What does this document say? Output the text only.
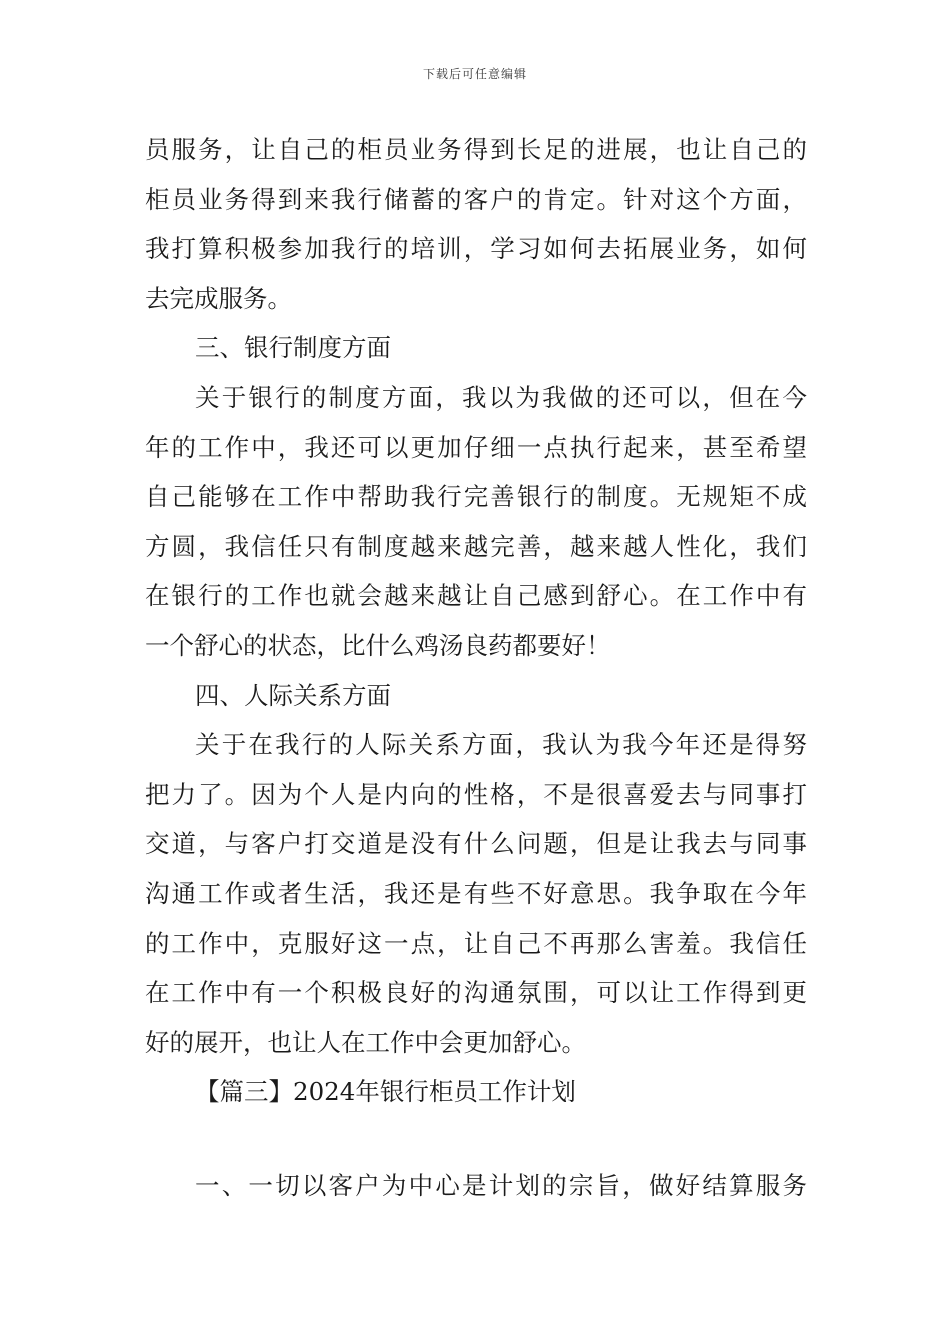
下载后可任意编辑
员服务，让自己的柜员业务得到长足的进展，也让自己的
柜员业务得到来我行储蓄的客户的肯定。针对这个方面，
我打算积极参加我行的培训，学习如何去拓展业务，如何
去完成服务。
三、银行制度方面
关于银行的制度方面，我以为我做的还可以，但在今
年的工作中，我还可以更加仔细一点执行起来，甚至希望
自己能够在工作中帮助我行完善银行的制度。无规矩不成
方圆，我信任只有制度越来越完善，越来越人性化，我们
在银行的工作也就会越来越让自己感到舒心。在工作中有
一个舒心的状态，比什么鸡汤良药都要好！
四、人际关系方面
关于在我行的人际关系方面，我认为我今年还是得努
把力了。因为个人是内向的性格，不是很喜爱去与同事打
交道，与客户打交道是没有什么问题，但是让我去与同事
沟通工作或者生活，我还是有些不好意思。我争取在今年
的工作中，克服好这一点，让自己不再那么害羞。我信任
在工作中有一个积极良好的沟通氛围，可以让工作得到更
好的展开，也让人在工作中会更加舒心。
【篇三】2024年银行柜员工作计划
一、一切以客户为中心是计划的宗旨，做好结算服务
